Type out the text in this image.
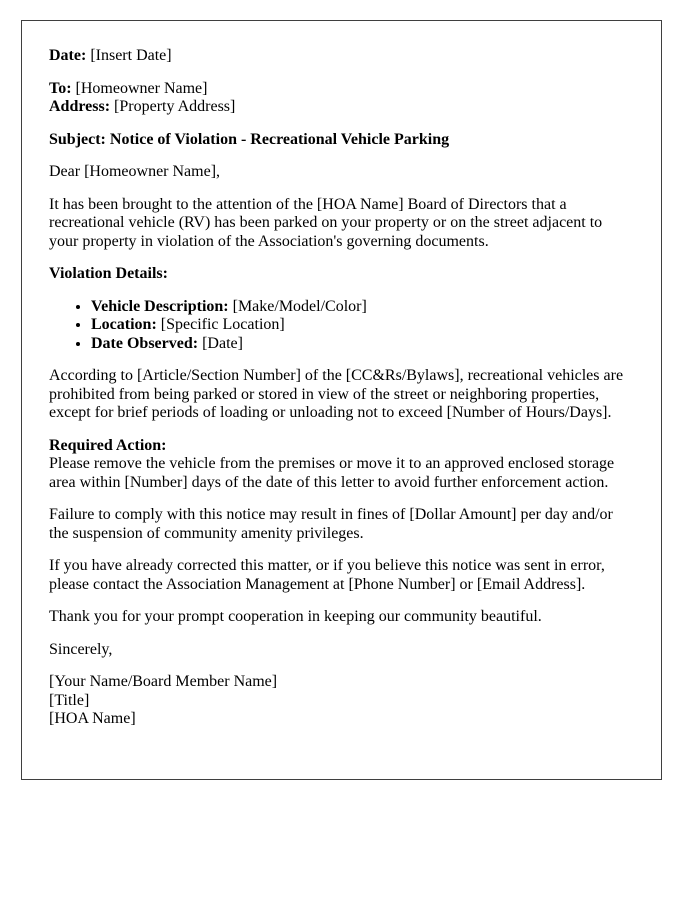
Date: [Insert Date]

To: [Homeowner Name]
Address: [Property Address]

Subject: Notice of Violation - Recreational Vehicle Parking

Dear [Homeowner Name],

It has been brought to the attention of the [HOA Name] Board of Directors that a recreational vehicle (RV) has been parked on your property or on the street adjacent to your property in violation of the Association's governing documents.

Violation Details:

• Vehicle Description: [Make/Model/Color]
• Location: [Specific Location]
• Date Observed: [Date]

According to [Article/Section Number] of the [CC&Rs/Bylaws], recreational vehicles are prohibited from being parked or stored in view of the street or neighboring properties, except for brief periods of loading or unloading not to exceed [Number of Hours/Days].

Required Action:
Please remove the vehicle from the premises or move it to an approved enclosed storage area within [Number] days of the date of this letter to avoid further enforcement action.

Failure to comply with this notice may result in fines of [Dollar Amount] per day and/or the suspension of community amenity privileges.

If you have already corrected this matter, or if you believe this notice was sent in error, please contact the Association Management at [Phone Number] or [Email Address].

Thank you for your prompt cooperation in keeping our community beautiful.

Sincerely,

[Your Name/Board Member Name]
[Title]
[HOA Name]
